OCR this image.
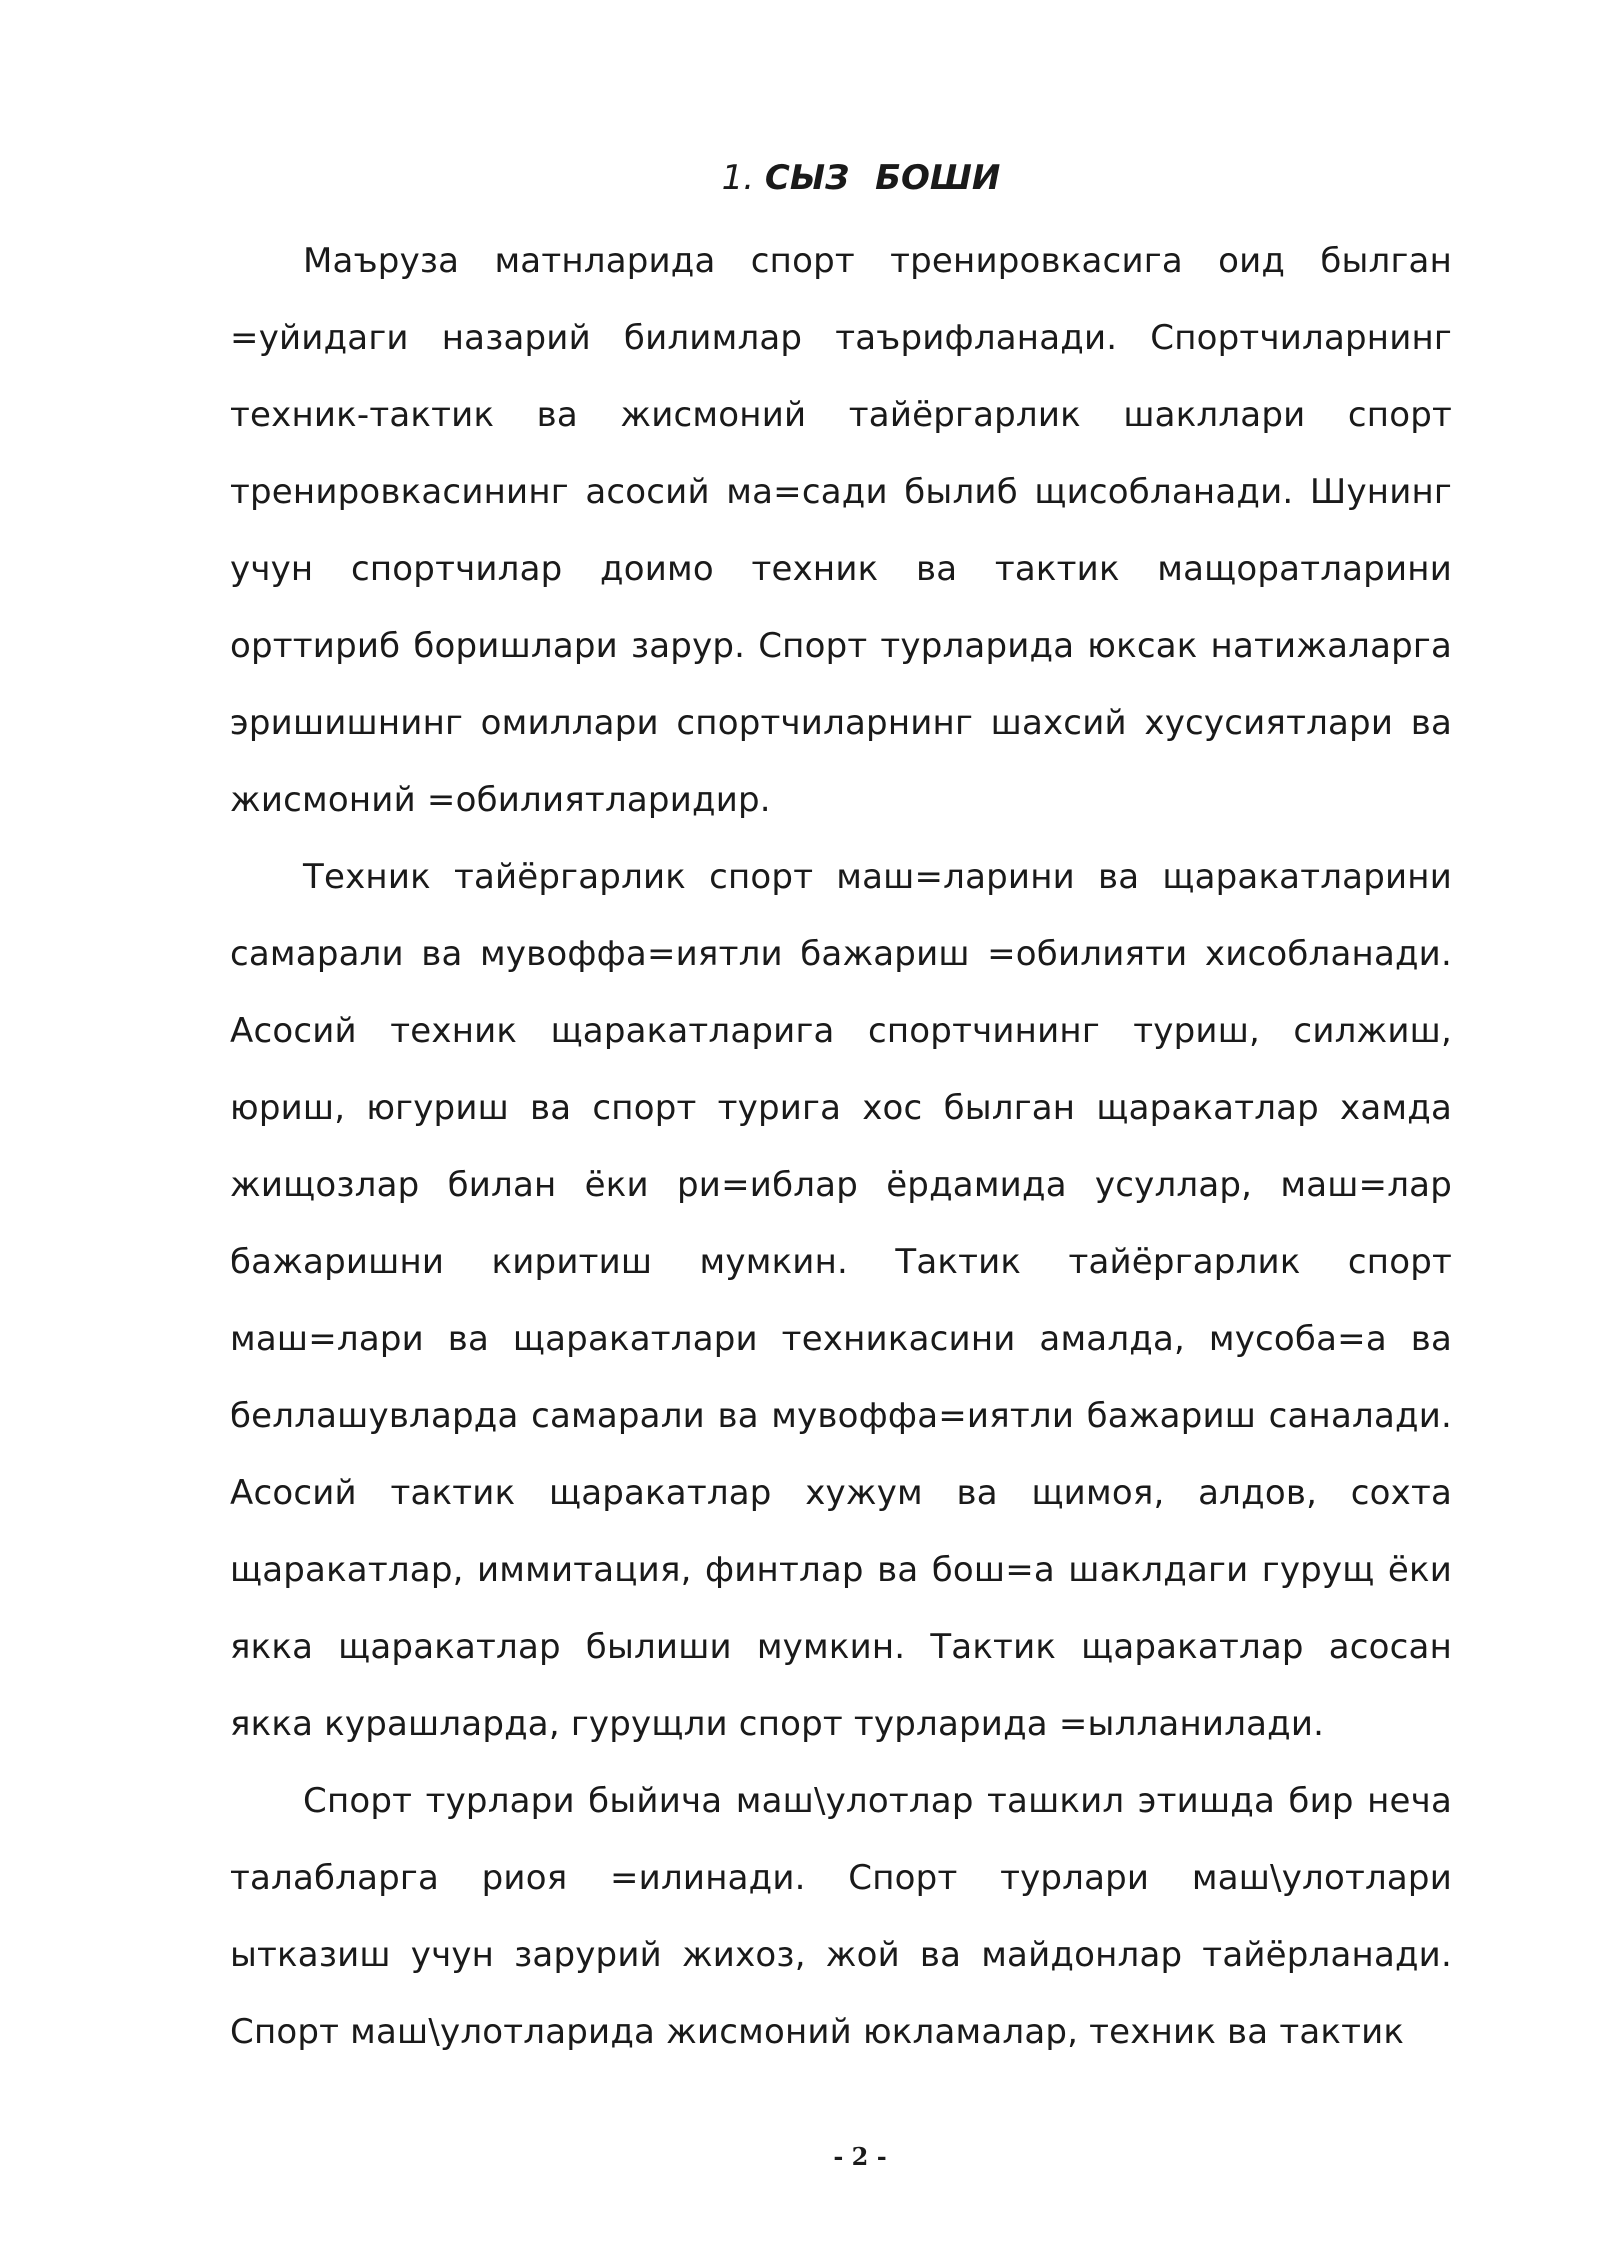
1. СЫЗ БОШИ

Маъруза матнларида спорт тренировкасига оид былган =уйидаги назарий билимлар таърифланади. Спортчиларнинг техник-тактик ва жисмоний тайёргарлик шакллари спорт тренировкасининг асосий ма=сади былиб щисобланади. Шунинг учун спортчилар доимо техник ва тактик мащоратларини орттириб боришлари зарур. Спорт турларида юксак натижаларга эришишнинг омиллари спортчиларнинг шахсий хусусиятлари ва жисмоний =обилиятларидир.

Техник тайёргарлик спорт маш=ларини ва щаракатларини самарали ва мувоффа=иятли бажариш =обилияти хисобланади. Асосий техник щаракатларига спортчининг туриш, силжиш, юриш, югуриш ва спорт турига хос былган щаракатлар хамда жищозлар билан ёки ри=иблар ёрдамида усуллар, маш=лар бажаришни киритиш мумкин. Тактик тайёргарлик спорт маш=лари ва щаракатлари техникасини амалда, мусоба=а ва беллашувларда самарали ва мувоффа=иятли бажариш саналади. Асосий тактик щаракатлар хужум ва щимоя, алдов, сохта щаракатлар, иммитация, финтлар ва бош=а шаклдаги гурущ ёки якка щаракатлар былиши мумкин. Тактик щаракатлар асосан якка курашларда, гурущли спорт турларида =ылланилади.

Спорт турлари быйича маш\улотлар ташкил этишда бир неча талабларга риоя =илинади. Спорт турлари маш\улотлари ыткaзиш учун зарурий жихоз, жой ва майдонлар тайёрланади. Спорт маш\улотларида жисмоний юкламалар, техник ва тактик

- 2 -
